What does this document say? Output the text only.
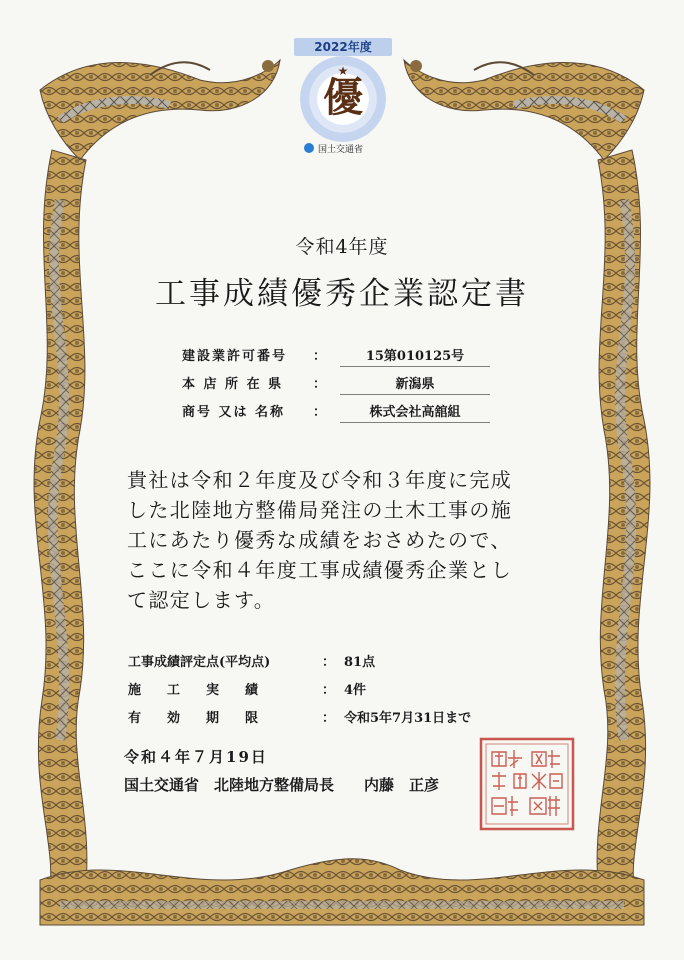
2022年度
★
優
国土交通省
令和4年度
工事成績優秀企業認定書
建設業許可番号 ：	15第010125号
本 店 所 在 県 ：	新潟県
商号 又は 名称 ：	株式会社高舘組
貴社は令和２年度及び令和３年度に完成
した北陸地方整備局発注の土木工事の施
工にあたり優秀な成績をおさめたので、
ここに令和４年度工事成績優秀企業とし
て認定します。
工事成績評定点(平均点)	： 81点
施　　工　　実　　績	： 4件
有　　効　　期　　限	： 令和5年7月31日まで
令和４年７月19日
国土交通省　北陸地方整備局長　　内藤　正彦
